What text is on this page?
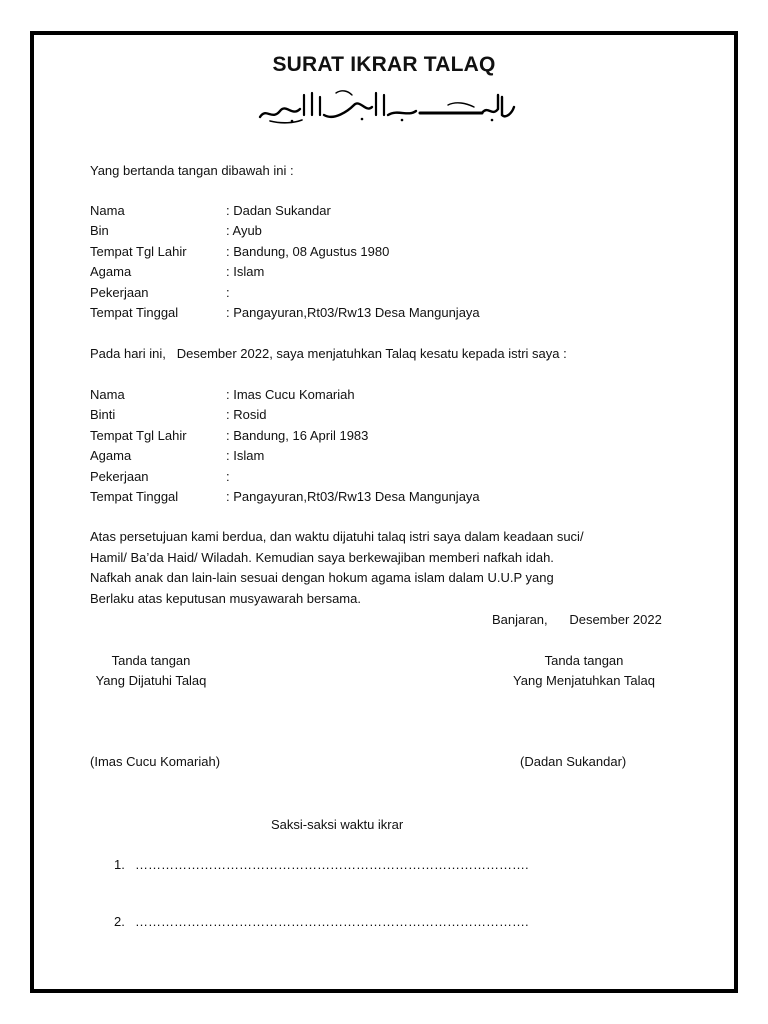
SURAT IKRAR TALAQ
Yang bertanda tangan dibawah ini :
Nama	: Dadan Sukandar
Bin	: Ayub
Tempat Tgl Lahir	: Bandung, 08 Agustus 1980
Agama	: Islam
Pekerjaan	:
Tempat Tinggal	: Pangayuran,Rt03/Rw13 Desa Mangunjaya
Pada hari ini,   Desember 2022, saya menjatuhkan Talaq kesatu kepada istri saya :
Nama	: Imas Cucu Komariah
Binti	: Rosid
Tempat Tgl Lahir	: Bandung, 16 April 1983
Agama	: Islam
Pekerjaan	:
Tempat Tinggal	: Pangayuran,Rt03/Rw13 Desa Mangunjaya
Atas persetujuan kami berdua, dan waktu dijatuhi talaq istri saya dalam keadaan suci/
Hamil/ Ba’da Haid/ Wiladah. Kemudian saya berkewajiban memberi nafkah idah.
Nafkah anak dan lain-lain sesuai dengan hokum agama islam dalam U.U.P yang
Berlaku atas keputusan musyawarah bersama.
Banjaran,      Desember 2022
Tanda tangan
Yang Dijatuhi Talaq
Tanda tangan
Yang Menjatuhkan Talaq
(Imas Cucu Komariah)	(Dadan Sukandar)
Saksi-saksi waktu ikrar
1. ……………………………………………………………………………….
2. ……………………………………………………………………………….
